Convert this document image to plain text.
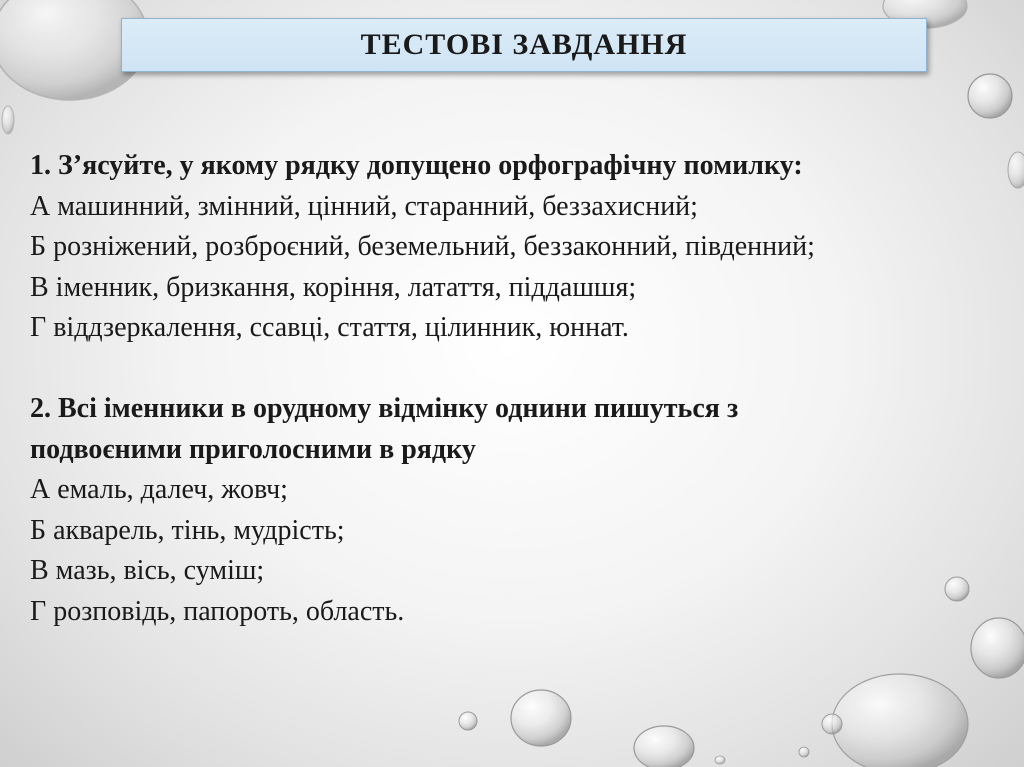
ТЕСТОВІ ЗАВДАННЯ
1. З’ясуйте, у якому рядку допущено орфографічну помилку:
А машинний, змінний, цінний, старанний, беззахисний;
Б розніжений, розброєний, беземельний, беззаконний, південний;
В іменник, бризкання, коріння, латаття, піддашшя;
Г віддзеркалення, ссавці, стаття, цілинник, юннат.
2. Всі іменники в орудному відмінку однини пишуться з
подвоєними приголосними в рядку
А емаль, далеч, жовч;
Б акварель, тінь, мудрість;
В мазь, вісь, суміш;
Г розповідь, папороть, область.
